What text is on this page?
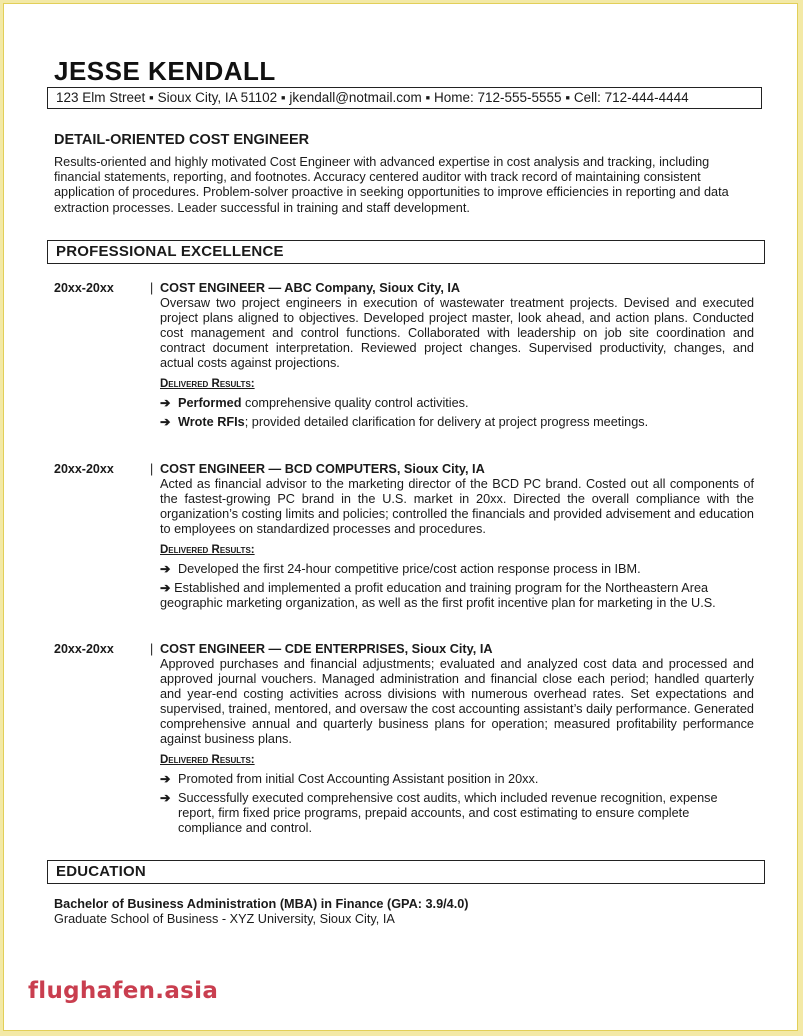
JESSE KENDALL
123 Elm Street ▪ Sioux City, IA 51102 ▪ jkendall@notmail.com ▪ Home: 712-555-5555 ▪ Cell: 712-444-4444
DETAIL-ORIENTED COST ENGINEER
Results-oriented and highly motivated Cost Engineer with advanced expertise in cost analysis and tracking, including financial statements, reporting, and footnotes. Accuracy centered auditor with track record of maintaining consistent application of procedures. Problem-solver proactive in seeking opportunities to improve efficiencies in reporting and data extraction processes. Leader successful in training and staff development.
PROFESSIONAL EXCELLENCE
20xx-20xx	| COST ENGINEER — ABC Company, Sioux City, IA
Oversaw two project engineers in execution of wastewater treatment projects. Devised and executed project plans aligned to objectives. Developed project master, look ahead, and action plans. Conducted cost management and control functions. Collaborated with leadership on job site coordination and contract document interpretation. Reviewed project changes. Supervised productivity, changes, and actual costs against projections.
Delivered Results:
➔ Performed comprehensive quality control activities.
➔ Wrote RFIs; provided detailed clarification for delivery at project progress meetings.
20xx-20xx	| COST ENGINEER — BCD COMPUTERS, Sioux City, IA
Acted as financial advisor to the marketing director of the BCD PC brand. Costed out all components of the fastest-growing PC brand in the U.S. market in 20xx. Directed the overall compliance with the organization’s costing limits and policies; controlled the financials and provided advisement and education to employees on standardized processes and procedures.
Delivered Results:
➔ Developed the first 24-hour competitive price/cost action response process in IBM.
➔ Established and implemented a profit education and training program for the Northeastern Area geographic marketing organization, as well as the first profit incentive plan for marketing in the U.S.
20xx-20xx	| COST ENGINEER — CDE ENTERPRISES, Sioux City, IA
Approved purchases and financial adjustments; evaluated and analyzed cost data and processed and approved journal vouchers. Managed administration and financial close each period; handled quarterly and year-end costing activities across divisions with numerous overhead rates. Set expectations and supervised, trained, mentored, and oversaw the cost accounting assistant’s daily performance. Generated comprehensive annual and quarterly business plans for operation; measured profitability performance against business plans.
Delivered Results:
➔ Promoted from initial Cost Accounting Assistant position in 20xx.
➔ Successfully executed comprehensive cost audits, which included revenue recognition, expense report, firm fixed price programs, prepaid accounts, and cost estimating to ensure complete compliance and control.
EDUCATION
Bachelor of Business Administration (MBA) in Finance (GPA: 3.9/4.0)
Graduate School of Business - XYZ University, Sioux City, IA
flughafen.asia
